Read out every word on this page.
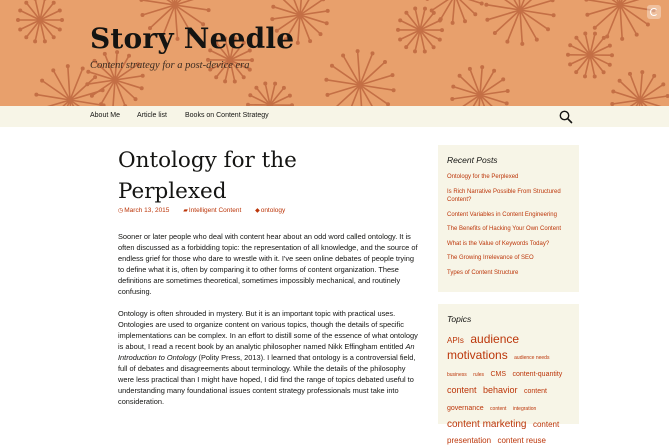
Story Needle
Content strategy for a post-device era
About Me Article list	Books on Content Strategy
Ontology for the
Perplexed
◷March 13, 2015 ▰Intelligent Content ◆ontology

Sooner or later people who deal with content hear about an odd word called ontology. It is often discussed as a forbidding topic: the representation of all knowledge, and the source of endless grief for those who dare to wrestle with it. I've seen online debates of people trying to define what it is, often by comparing it to other forms of content organization. These definitions are sometimes theoretical, sometimes impossibly mechanical, and routinely confusing.

Ontology is often shrouded in mystery. But it is an important topic with practical uses. Ontologies are used to organize content on various topics, though the details of specific implementations can be complex. In an effort to distill some of the essence of what ontology is about, I read a recent book by an analytic philosopher named Nikk Effingham entitled An Introduction to Ontology (Polity Press, 2013). I learned that ontology is a controversial field, full of debates and disagreements about terminology. While the details of the philosophy were less practical than I might have hoped, I did find the range of topics debated useful to understanding many foundational issues content strategy professionals must take into consideration.

Recent Posts
Ontology for the Perplexed
Is Rich Narrative Possible From Structured Content?
Content Variables in Content Engineering
The Benefits of Hacking Your Own Content
What is the Value of Keywords Today?
The Growing Irrelevance of SEO
Types of Content Structure
Topics
APIs audience motivations audience needs business rules CMS content-quantity content behavior content governance content integration content marketing content presentation content reuse
